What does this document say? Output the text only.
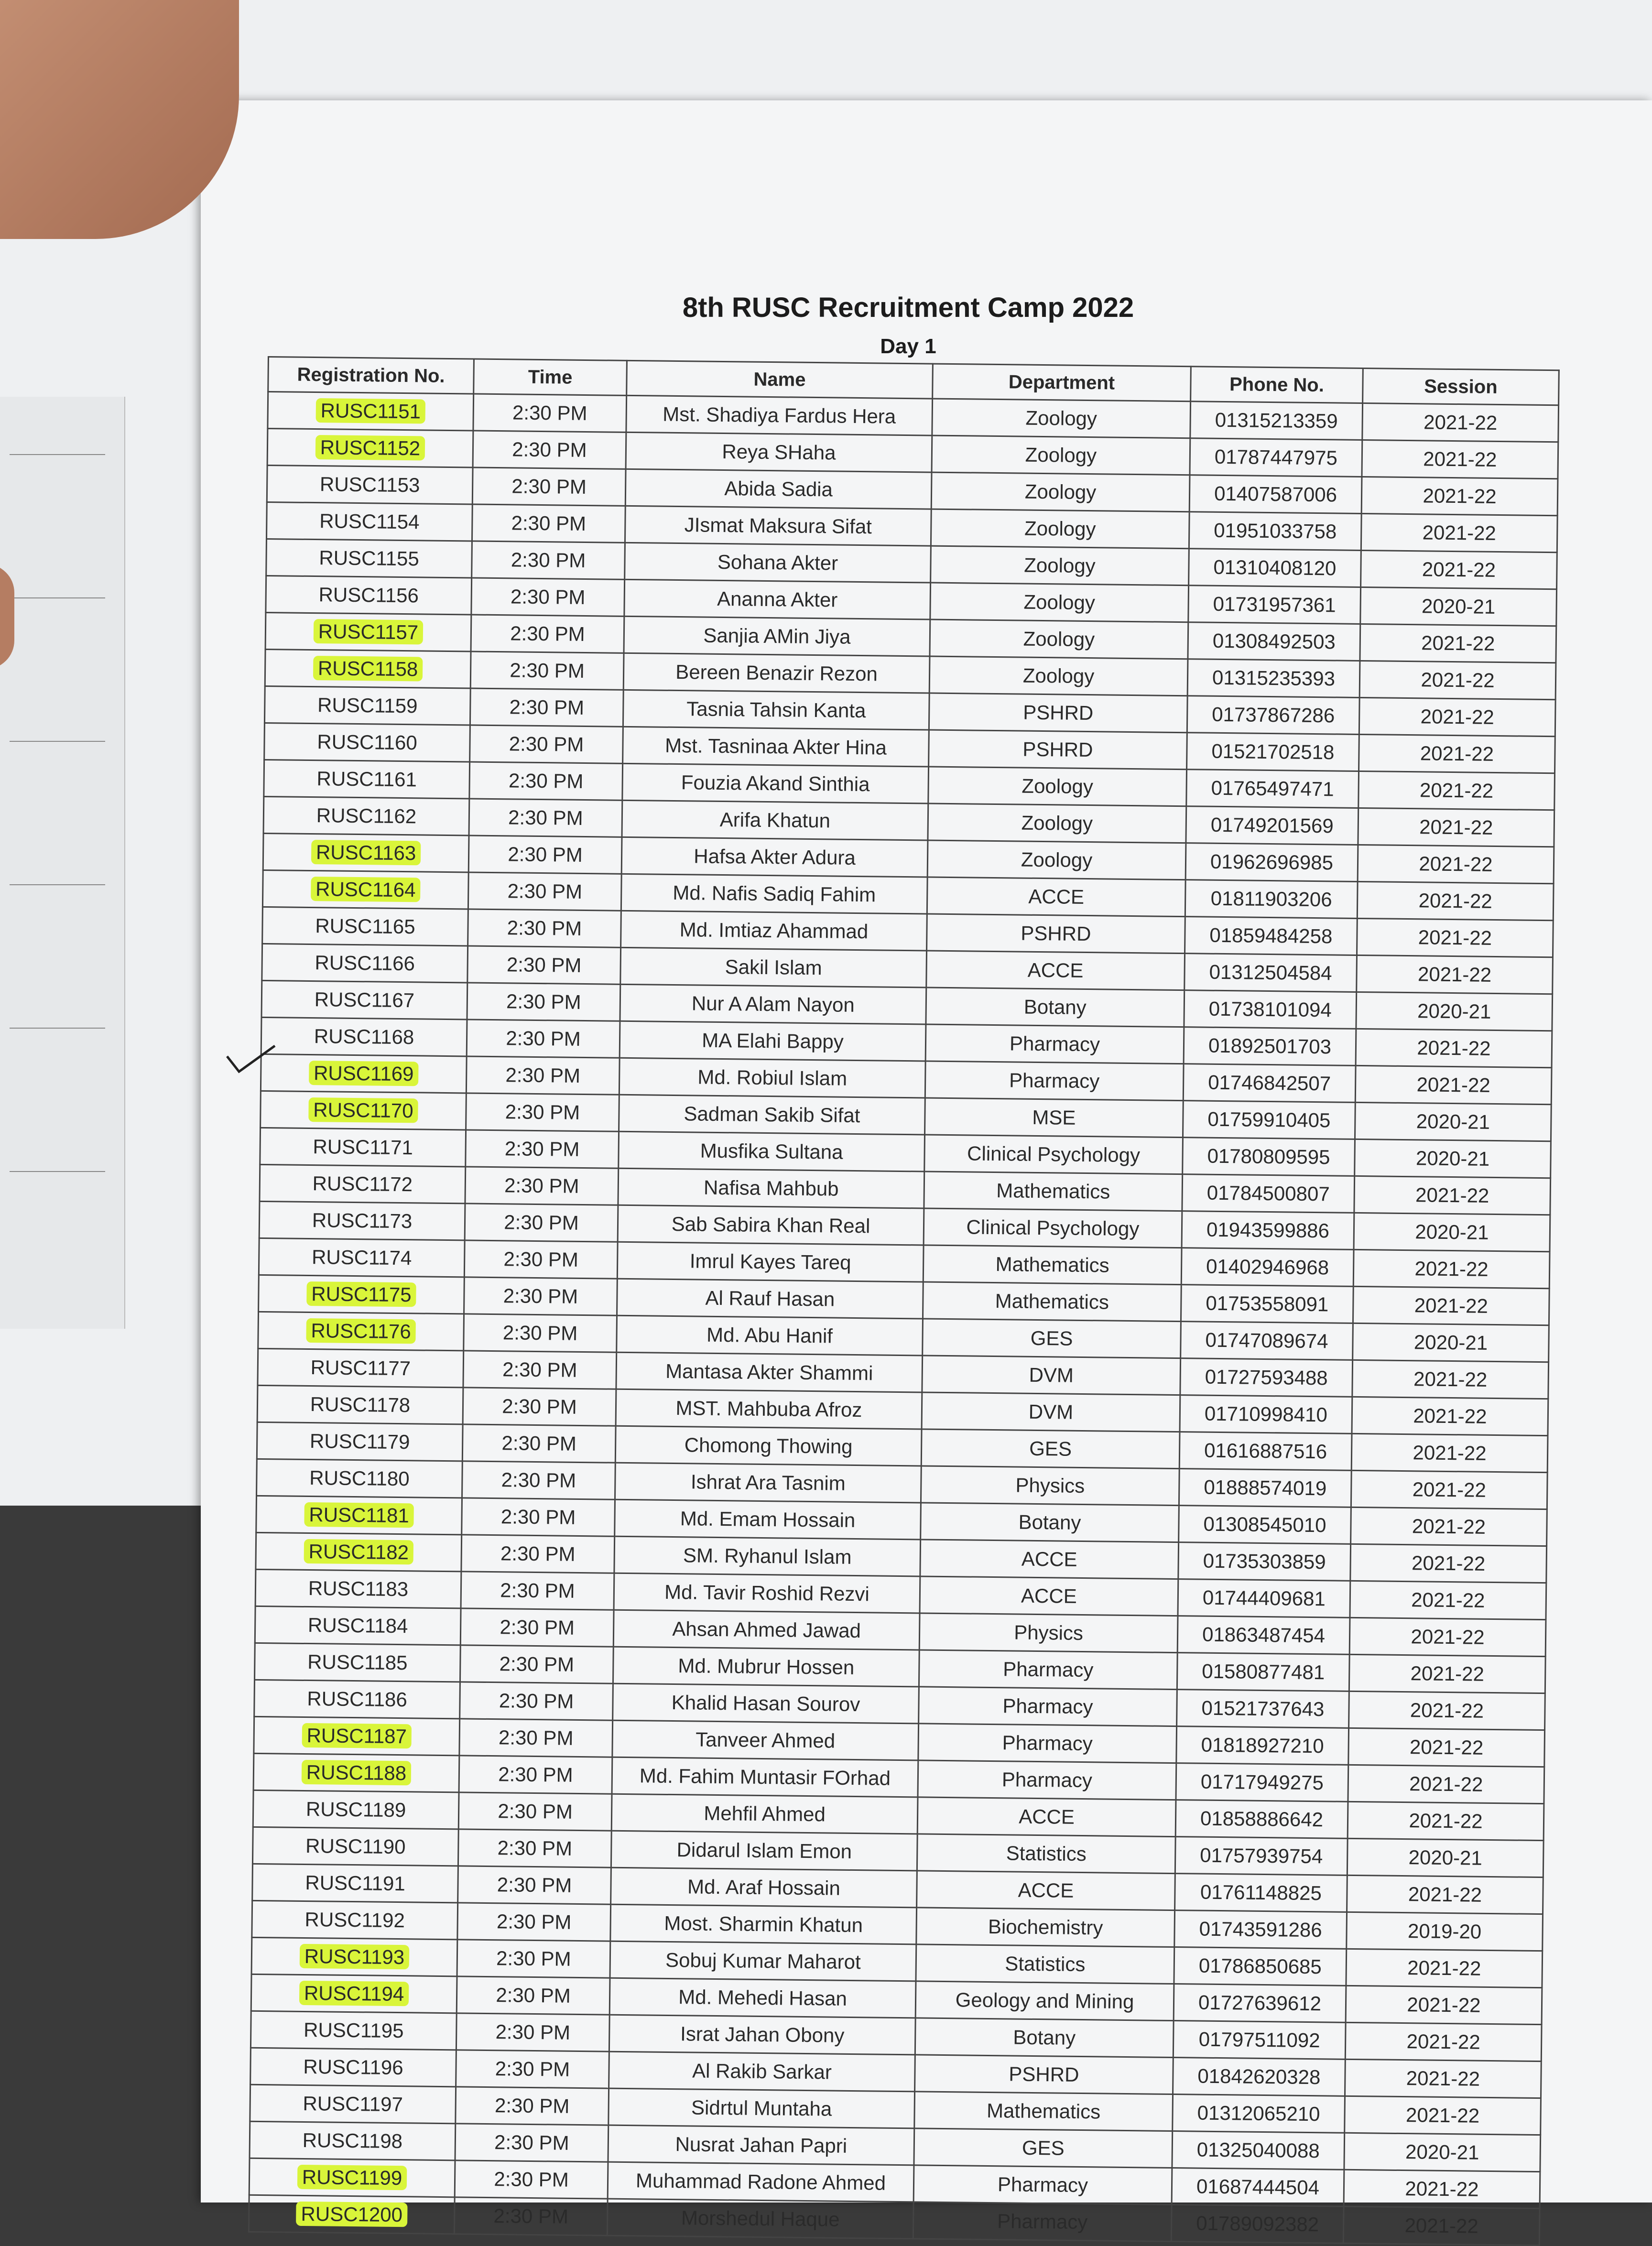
8th RUSC Recruitment Camp 2022
Day 1
Registration No.	Time	Name	Department	Phone No.	Session
RUSC1151	2:30 PM	Mst. Shadiya Fardus Hera	Zoology	01315213359	2021-22
RUSC1152	2:30 PM	Reya SHaha	Zoology	01787447975	2021-22
RUSC1153	2:30 PM	Abida Sadia	Zoology	01407587006	2021-22
RUSC1154	2:30 PM	JIsmat Maksura Sifat	Zoology	01951033758	2021-22
RUSC1155	2:30 PM	Sohana Akter	Zoology	01310408120	2021-22
RUSC1156	2:30 PM	Ananna Akter	Zoology	01731957361	2020-21
RUSC1157	2:30 PM	Sanjia AMin Jiya	Zoology	01308492503	2021-22
RUSC1158	2:30 PM	Bereen Benazir Rezon	Zoology	01315235393	2021-22
RUSC1159	2:30 PM	Tasnia Tahsin Kanta	PSHRD	01737867286	2021-22
RUSC1160	2:30 PM	Mst. Tasninaa Akter Hina	PSHRD	01521702518	2021-22
RUSC1161	2:30 PM	Fouzia Akand Sinthia	Zoology	01765497471	2021-22
RUSC1162	2:30 PM	Arifa Khatun	Zoology	01749201569	2021-22
RUSC1163	2:30 PM	Hafsa Akter Adura	Zoology	01962696985	2021-22
RUSC1164	2:30 PM	Md. Nafis Sadiq Fahim	ACCE	01811903206	2021-22
RUSC1165	2:30 PM	Md. Imtiaz Ahammad	PSHRD	01859484258	2021-22
RUSC1166	2:30 PM	Sakil Islam	ACCE	01312504584	2021-22
RUSC1167	2:30 PM	Nur A Alam Nayon	Botany	01738101094	2020-21
RUSC1168	2:30 PM	MA Elahi Bappy	Pharmacy	01892501703	2021-22
RUSC1169	2:30 PM	Md. Robiul Islam	Pharmacy	01746842507	2021-22
RUSC1170	2:30 PM	Sadman Sakib Sifat	MSE	01759910405	2020-21
RUSC1171	2:30 PM	Musfika Sultana	Clinical Psychology	01780809595	2020-21
RUSC1172	2:30 PM	Nafisa Mahbub	Mathematics	01784500807	2021-22
RUSC1173	2:30 PM	Sab Sabira Khan Real	Clinical Psychology	01943599886	2020-21
RUSC1174	2:30 PM	Imrul Kayes Tareq	Mathematics	01402946968	2021-22
RUSC1175	2:30 PM	Al Rauf Hasan	Mathematics	01753558091	2021-22
RUSC1176	2:30 PM	Md. Abu Hanif	GES	01747089674	2020-21
RUSC1177	2:30 PM	Mantasa Akter Shammi	DVM	01727593488	2021-22
RUSC1178	2:30 PM	MST. Mahbuba Afroz	DVM	01710998410	2021-22
RUSC1179	2:30 PM	Chomong Thowing	GES	01616887516	2021-22
RUSC1180	2:30 PM	Ishrat Ara Tasnim	Physics	01888574019	2021-22
RUSC1181	2:30 PM	Md. Emam Hossain	Botany	01308545010	2021-22
RUSC1182	2:30 PM	SM. Ryhanul Islam	ACCE	01735303859	2021-22
RUSC1183	2:30 PM	Md. Tavir Roshid Rezvi	ACCE	01744409681	2021-22
RUSC1184	2:30 PM	Ahsan Ahmed Jawad	Physics	01863487454	2021-22
RUSC1185	2:30 PM	Md. Mubrur Hossen	Pharmacy	01580877481	2021-22
RUSC1186	2:30 PM	Khalid Hasan Sourov	Pharmacy	01521737643	2021-22
RUSC1187	2:30 PM	Tanveer Ahmed	Pharmacy	01818927210	2021-22
RUSC1188	2:30 PM	Md. Fahim Muntasir FOrhad	Pharmacy	01717949275	2021-22
RUSC1189	2:30 PM	Mehfil Ahmed	ACCE	01858886642	2021-22
RUSC1190	2:30 PM	Didarul Islam Emon	Statistics	01757939754	2020-21
RUSC1191	2:30 PM	Md. Araf Hossain	ACCE	01761148825	2021-22
RUSC1192	2:30 PM	Most. Sharmin Khatun	Biochemistry	01743591286	2019-20
RUSC1193	2:30 PM	Sobuj Kumar Maharot	Statistics	01786850685	2021-22
RUSC1194	2:30 PM	Md. Mehedi Hasan	Geology and Mining	01727639612	2021-22
RUSC1195	2:30 PM	Israt Jahan Obony	Botany	01797511092	2021-22
RUSC1196	2:30 PM	Al Rakib Sarkar	PSHRD	01842620328	2021-22
RUSC1197	2:30 PM	Sidrtul Muntaha	Mathematics	01312065210	2021-22
RUSC1198	2:30 PM	Nusrat Jahan Papri	GES	01325040088	2020-21
RUSC1199	2:30 PM	Muhammad Radone Ahmed	Pharmacy	01687444504	2021-22
RUSC1200	2:30 PM	Morshedul Haque	Pharmacy	01789092382	2021-22
